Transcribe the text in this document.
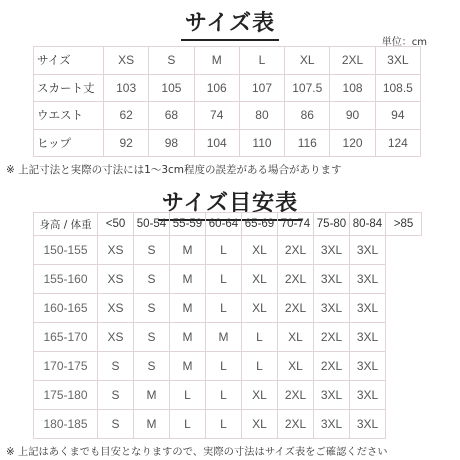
サイズ表
単位：cm
サイズ	XS	S	M	L	XL	2XL	3XL
スカート丈	103	105	106	107	107.5	108	108.5
ウエスト	62	68	74	80	86	90	94
ヒップ	92	98	104	110	116	120	124
※ 上記寸法と実際の寸法には1〜3cm程度の誤差がある場合があります
サイズ目安表
身高 / 体重	<50	50-54	55-59	60-64	65-69	70-74	75-80	80-84	>85
150-155	XS	S	M	L	XL	2XL	3XL	3XL	
155-160	XS	S	M	L	XL	2XL	3XL	3XL	
160-165	XS	S	M	L	XL	2XL	3XL	3XL	
165-170	XS	S	M	M	L	XL	2XL	3XL	
170-175	S	S	M	L	L	XL	2XL	3XL	
175-180	S	M	L	L	XL	2XL	3XL	3XL	
180-185	S	M	L	L	XL	2XL	3XL	3XL	
※ 上記はあくまでも目安となりますので、実際の寸法はサイズ表をご確認ください
